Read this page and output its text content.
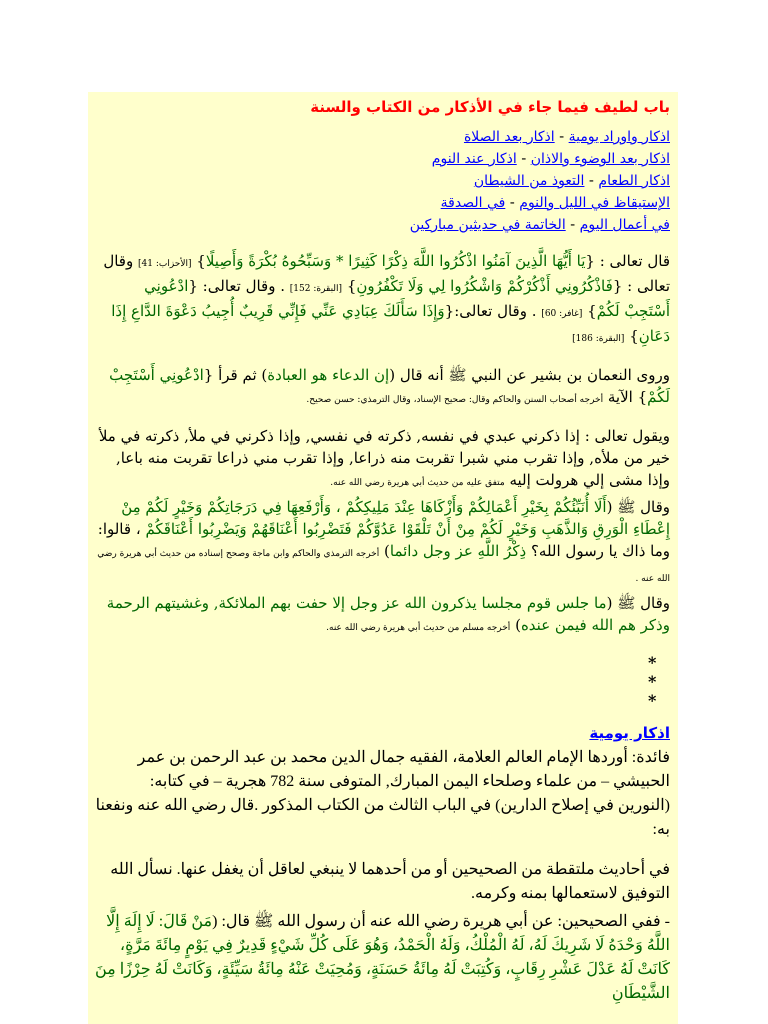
باب لطيف فيما جاء في الأذكار من الكتاب والسنة
اذكار واوراد يومية - اذكار بعد الصلاة
اذكار بعد الوضوء والاذان - اذكار عند النوم
اذكار الطعام - التعوذ من الشيطان
الإستيقاظ في الليل والنوم - في الصدقة
في أعمال اليوم - الخاتمة في حديثين مباركين
قال تعالى : {يَا أَيُّهَا الَّذِينَ آمَنُوا اذْكُرُوا اللَّهَ ذِكْرًا كَثِيرًا * وَسَبِّحُوهُ بُكْرَةً وَأَصِيلًا} [الأحزاب: 41] وقال تعالى : {فَاذْكُرُونِي أَذْكُرْكُمْ وَاشْكُرُوا لِي وَلَا تَكْفُرُونِ} [البقرة: 152] . وقال تعالى: {ادْعُونِي أَسْتَجِبْ لَكُمْ} [غافر: 60] . وقال تعالى:{وَإِذَا سَأَلَكَ عِبَادِي عَنِّي فَإِنِّي قَرِيبٌ أُجِيبُ دَعْوَةَ الدَّاعِ إِذَا دَعَانِ} [البقرة: 186]
وروى النعمان بن بشير عن النبي ﷺ أنه قال (إن الدعاء هو العبادة) ثم قرأ {ادْعُونِي أَسْتَجِبْ لَكُمْ} الآية أخرجه أصحاب السنن والحاكم وقال: صحيح الإسناد، وقال الترمذي: حسن صحيح.
ويقول تعالى : إذا ذكرني عبدي في نفسه, ذكرته في نفسي, وإذا ذكرني في ملأ, ذكرته في ملأ خير من ملأه, وإذا تقرب مني شبرا تقربت منه ذراعا, وإذا تقرب مني ذراعا تقربت منه باعا, وإذا مشى إلي هرولت إليه متفق عليه من حديث أبي هريرة رضي الله عنه.
وقال ﷺ (أَلَا أُنَبِّئُكُمْ بِخَيْرِ أَعْمَالِكُمْ وَأَزْكَاهَا عِنْدَ مَلِيكِكُمْ ، وَأَرْفَعِهَا فِي دَرَجَاتِكُمْ وَخَيْرٍ لَكُمْ مِنْ إِعْطَاءِ الْوَرِقِ وَالذَّهَبِ وَخَيْرٍ لَكُمْ مِنْ أَنْ تَلْقَوْا عَدُوَّكُمْ فَتَضْرِبُوا أَعْنَاقَهُمْ وَيَضْرِبُوا أَعْنَاقَكُمْ ، قالوا: وما ذاك يا رسول الله؟ ذِكْرُ اللَّهِ عز وجل دائما) أخرجه الترمذي والحاكم وابن ماجة وصحح إسناده من حديث أبي هريرة رضي الله عنه .
وقال ﷺ (ما جلس قوم مجلسا يذكرون الله عز وجل إلا حفت بهم الملائكة, وغشيتهم الرحمة وذكر هم الله فيمن عنده) أخرجه مسلم من حديث أبي هريرة رضي الله عنه.
* * *
اذكار يومية
فائدة: أوردها الإمام العالم العلامة، الفقيه جمال الدين محمد بن عبد الرحمن بن عمر الحبيشي – من علماء وصلحاء اليمن المبارك, المتوفى سنة 782 هجرية – في كتابه: (النورين في إصلاح الدارين) في الباب الثالث من الكتاب المذكور .قال رضي الله عنه ونفعنا به:
في أحاديث ملتقطة من الصحيحين أو من أحدهما لا ينبغي لعاقل أن يغفل عنها. نسأل الله التوفيق لاستعمالها بمنه وكرمه.
- ففي الصحيحين: عن أبي هريرة رضي الله عنه أن رسول الله ﷺ قال: (مَنْ قَالَ: لَا إِلَهَ إِلَّا اللَّهُ وَحْدَهُ لَا شَرِيكَ لَهُ، لَهُ الْمُلْكُ، وَلَهُ الْحَمْدُ، وَهُوَ عَلَى كُلِّ شَيْءٍ قَدِيرٌ فِي يَوْمٍ مِائَةَ مَرَّةٍ، كَانَتْ لَهُ عَدْلَ عَشْرِ رِقَابٍ، وَكُتِبَتْ لَهُ مِائَةُ حَسَنَةٍ، وَمُحِيَتْ عَنْهُ مِائَةُ سَيِّئَةٍ، وَكَانَتْ لَهُ حِرْزًا مِنَ الشَّيْطَانِ
